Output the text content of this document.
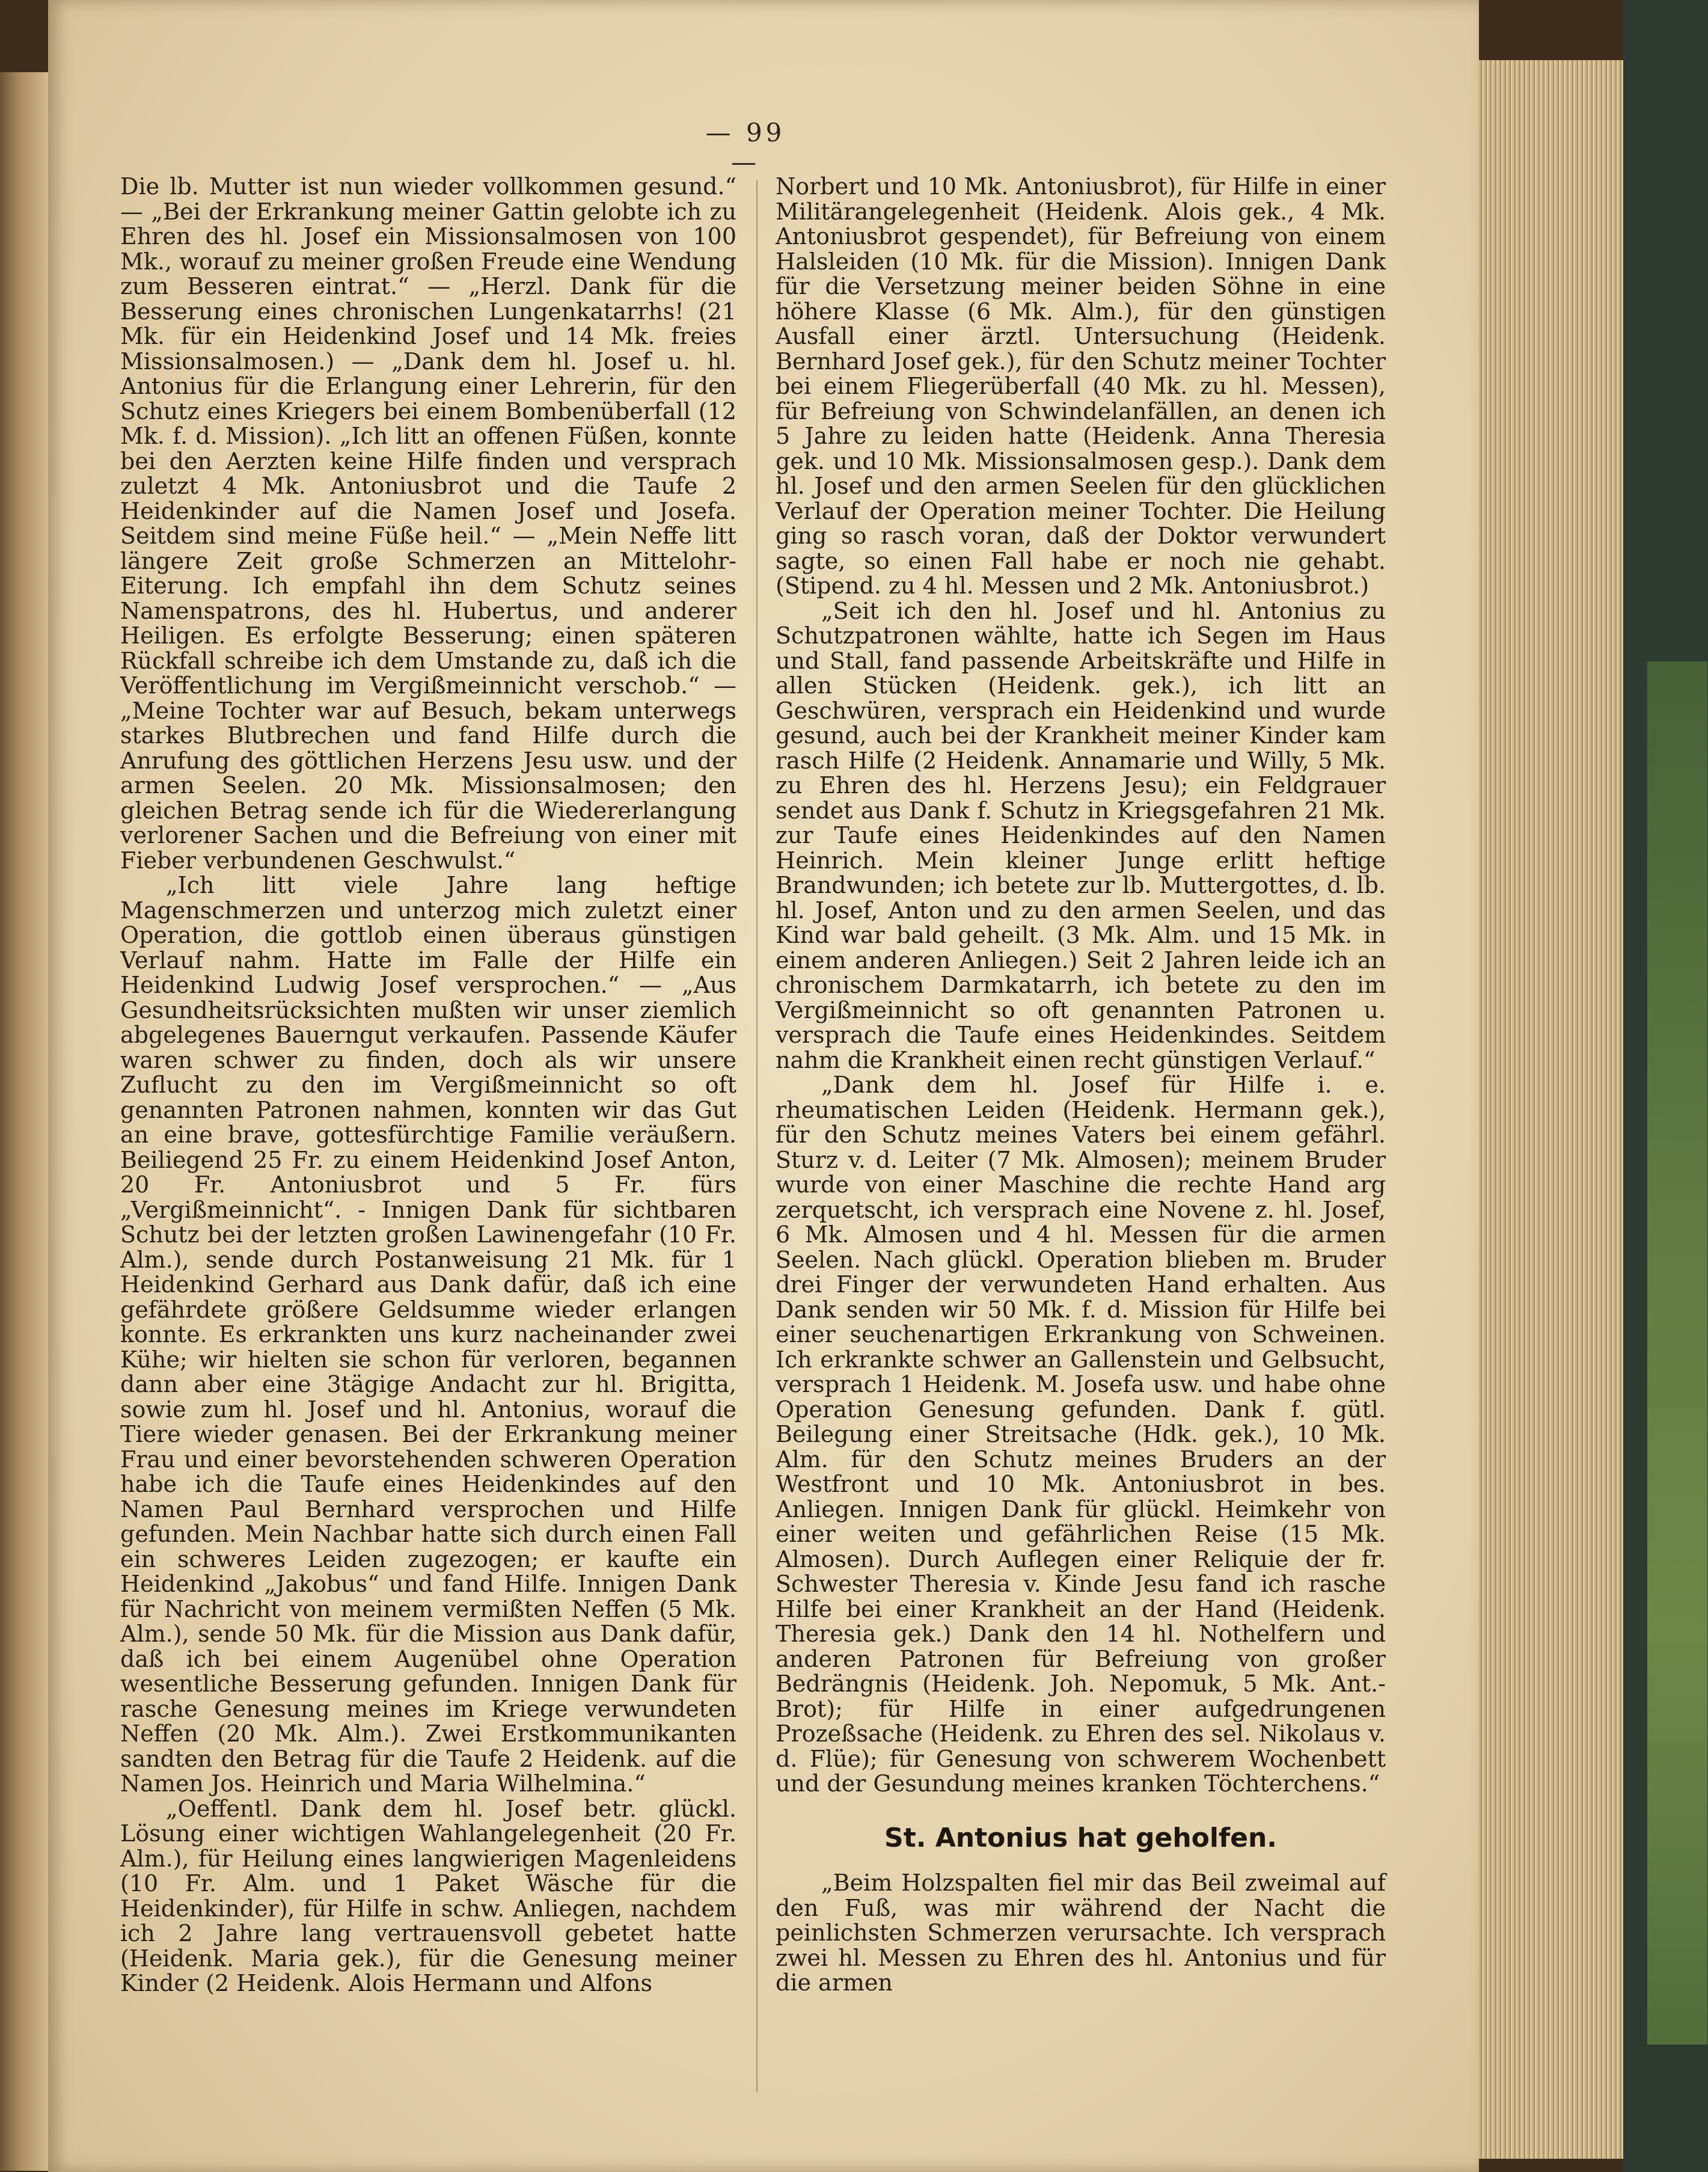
— 99 —

Die lb. Mutter ist nun wieder vollkommen gesund.“ — „Bei der Erkrankung meiner Gattin gelobte ich zu Ehren des hl. Josef ein Missionsalmosen von 100 Mk., worauf zu meiner großen Freude eine Wendung zum Besseren eintrat.“ — „Herzl. Dank für die Besserung eines chronischen Lungenkatarrhs! (21 Mk. für ein Heidenkind Josef und 14 Mk. freies Missionsalmosen.) — „Dank dem hl. Josef u. hl. Antonius für die Erlangung einer Lehrerin, für den Schutz eines Kriegers bei einem Bombenüberfall (12 Mk. f. d. Mission). „Ich litt an offenen Füßen, konnte bei den Aerzten keine Hilfe finden und versprach zuletzt 4 Mk. Antoniusbrot und die Taufe 2 Heidenkinder auf die Namen Josef und Josefa. Seitdem sind meine Füße heil.“ — „Mein Neffe litt längere Zeit große Schmerzen an Mittelohr-Eiterung. Ich empfahl ihn dem Schutz seines Namenspatrons, des hl. Hubertus, und anderer Heiligen. Es erfolgte Besserung; einen späteren Rückfall schreibe ich dem Umstande zu, daß ich die Veröffentlichung im Vergißmeinnicht verschob.“ — „Meine Tochter war auf Besuch, bekam unterwegs starkes Blutbrechen und fand Hilfe durch die Anrufung des göttlichen Herzens Jesu usw. und der armen Seelen. 20 Mk. Missionsalmosen; den gleichen Betrag sende ich für die Wiedererlangung verlorener Sachen und die Befreiung von einer mit Fieber verbundenen Geschwulst.“

„Ich litt viele Jahre lang heftige Magenschmerzen und unterzog mich zuletzt einer Operation, die gottlob einen überaus günstigen Verlauf nahm. Hatte im Falle der Hilfe ein Heidenkind Ludwig Josef versprochen.“ — „Aus Gesundheitsrücksichten mußten wir unser ziemlich abgelegenes Bauerngut verkaufen. Passende Käufer waren schwer zu finden, doch als wir unsere Zuflucht zu den im Vergißmeinnicht so oft genannten Patronen nahmen, konnten wir das Gut an eine brave, gottesfürchtige Familie veräußern. Beiliegend 25 Fr. zu einem Heidenkind Josef Anton, 20 Fr. Antoniusbrot und 5 Fr. fürs „Vergißmeinnicht“. - Innigen Dank für sichtbaren Schutz bei der letzten großen Lawinengefahr (10 Fr. Alm.), sende durch Postanweisung 21 Mk. für 1 Heidenkind Gerhard aus Dank dafür, daß ich eine gefährdete größere Geldsumme wieder erlangen konnte. Es erkrankten uns kurz nacheinander zwei Kühe; wir hielten sie schon für verloren, begannen dann aber eine 3tägige Andacht zur hl. Brigitta, sowie zum hl. Josef und hl. Antonius, worauf die Tiere wieder genasen. Bei der Erkrankung meiner Frau und einer bevorstehenden schweren Operation habe ich die Taufe eines Heidenkindes auf den Namen Paul Bernhard versprochen und Hilfe gefunden. Mein Nachbar hatte sich durch einen Fall ein schweres Leiden zugezogen; er kaufte ein Heidenkind „Jakobus“ und fand Hilfe. Innigen Dank für Nachricht von meinem vermißten Neffen (5 Mk. Alm.), sende 50 Mk. für die Mission aus Dank dafür, daß ich bei einem Augenübel ohne Operation wesentliche Besserung gefunden. Innigen Dank für rasche Genesung meines im Kriege verwundeten Neffen (20 Mk. Alm.). Zwei Erstkommunikanten sandten den Betrag für die Taufe 2 Heidenk. auf die Namen Jos. Heinrich und Maria Wilhelmina.“

„Oeffentl. Dank dem hl. Josef betr. glückl. Lösung einer wichtigen Wahlangelegenheit (20 Fr. Alm.), für Heilung eines langwierigen Magenleidens (10 Fr. Alm. und 1 Paket Wäsche für die Heidenkinder), für Hilfe in schw. Anliegen, nachdem ich 2 Jahre lang vertrauensvoll gebetet hatte (Heidenk. Maria gek.), für die Genesung meiner Kinder (2 Heidenk. Alois Hermann und Alfons

Norbert und 10 Mk. Antoniusbrot), für Hilfe in einer Militärangelegenheit (Heidenk. Alois gek., 4 Mk. Antoniusbrot gespendet), für Befreiung von einem Halsleiden (10 Mk. für die Mission). Innigen Dank für die Versetzung meiner beiden Söhne in eine höhere Klasse (6 Mk. Alm.), für den günstigen Ausfall einer ärztl. Untersuchung (Heidenk. Bernhard Josef gek.), für den Schutz meiner Tochter bei einem Fliegerüberfall (40 Mk. zu hl. Messen), für Befreiung von Schwindelanfällen, an denen ich 5 Jahre zu leiden hatte (Heidenk. Anna Theresia gek. und 10 Mk. Missionsalmosen gesp.). Dank dem hl. Josef und den armen Seelen für den glücklichen Verlauf der Operation meiner Tochter. Die Heilung ging so rasch voran, daß der Doktor verwundert sagte, so einen Fall habe er noch nie gehabt. (Stipend. zu 4 hl. Messen und 2 Mk. Antoniusbrot.)

„Seit ich den hl. Josef und hl. Antonius zu Schutzpatronen wählte, hatte ich Segen im Haus und Stall, fand passende Arbeitskräfte und Hilfe in allen Stücken (Heidenk. gek.), ich litt an Geschwüren, versprach ein Heidenkind und wurde gesund, auch bei der Krankheit meiner Kinder kam rasch Hilfe (2 Heidenk. Annamarie und Willy, 5 Mk. zu Ehren des hl. Herzens Jesu); ein Feldgrauer sendet aus Dank f. Schutz in Kriegsgefahren 21 Mk. zur Taufe eines Heidenkindes auf den Namen Heinrich. Mein kleiner Junge erlitt heftige Brandwunden; ich betete zur lb. Muttergottes, d. lb. hl. Josef, Anton und zu den armen Seelen, und das Kind war bald geheilt. (3 Mk. Alm. und 15 Mk. in einem anderen Anliegen.) Seit 2 Jahren leide ich an chronischem Darmkatarrh, ich betete zu den im Vergißmeinnicht so oft genannten Patronen u. versprach die Taufe eines Heidenkindes. Seitdem nahm die Krankheit einen recht günstigen Verlauf.“

„Dank dem hl. Josef für Hilfe i. e. rheumatischen Leiden (Heidenk. Hermann gek.), für den Schutz meines Vaters bei einem gefährl. Sturz v. d. Leiter (7 Mk. Almosen); meinem Bruder wurde von einer Maschine die rechte Hand arg zerquetscht, ich versprach eine Novene z. hl. Josef, 6 Mk. Almosen und 4 hl. Messen für die armen Seelen. Nach glückl. Operation blieben m. Bruder drei Finger der verwundeten Hand erhalten. Aus Dank senden wir 50 Mk. f. d. Mission für Hilfe bei einer seuchenartigen Erkrankung von Schweinen. Ich erkrankte schwer an Gallenstein und Gelbsucht, versprach 1 Heidenk. M. Josefa usw. und habe ohne Operation Genesung gefunden. Dank f. gütl. Beilegung einer Streitsache (Hdk. gek.), 10 Mk. Alm. für den Schutz meines Bruders an der Westfront und 10 Mk. Antoniusbrot in bes. Anliegen. Innigen Dank für glückl. Heimkehr von einer weiten und gefährlichen Reise (15 Mk. Almosen). Durch Auflegen einer Reliquie der fr. Schwester Theresia v. Kinde Jesu fand ich rasche Hilfe bei einer Krankheit an der Hand (Heidenk. Theresia gek.) Dank den 14 hl. Nothelfern und anderen Patronen für Befreiung von großer Bedrängnis (Heidenk. Joh. Nepomuk, 5 Mk. Ant.-Brot); für Hilfe in einer aufgedrungenen Prozeßsache (Heidenk. zu Ehren des sel. Nikolaus v. d. Flüe); für Genesung von schwerem Wochenbett und der Gesundung meines kranken Töchterchens.“

St. Antonius hat geholfen.

„Beim Holzspalten fiel mir das Beil zweimal auf den Fuß, was mir während der Nacht die peinlichsten Schmerzen verursachte. Ich versprach zwei hl. Messen zu Ehren des hl. Antonius und für die armen
